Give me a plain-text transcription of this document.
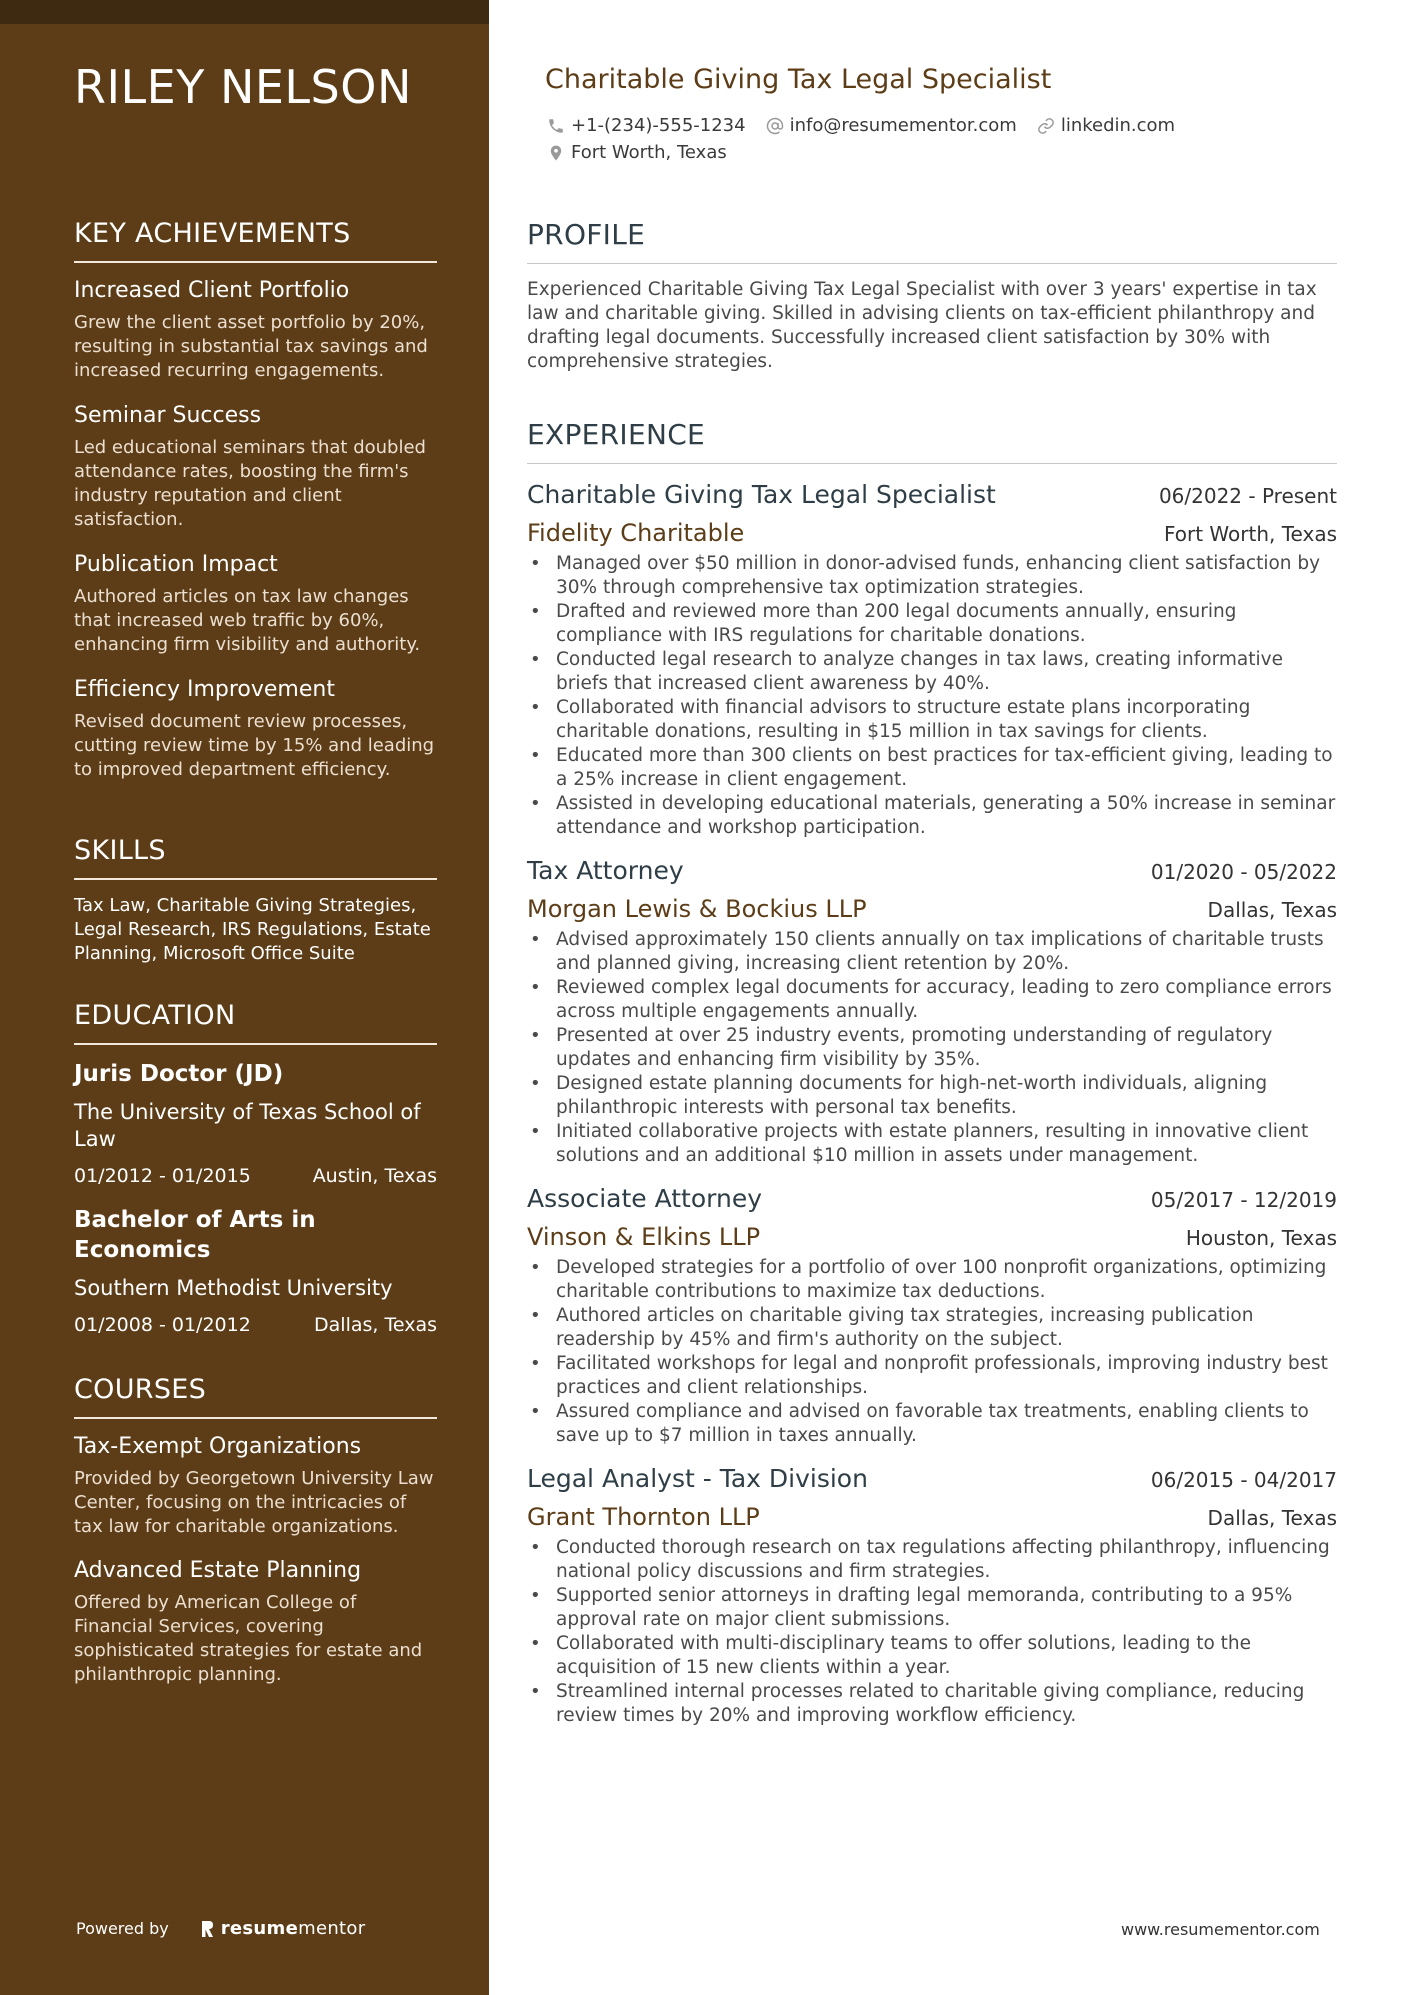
RILEY NELSON
KEY ACHIEVEMENTS
Increased Client Portfolio
Grew the client asset portfolio by 20%, resulting in substantial tax savings and increased recurring engagements.
Seminar Success
Led educational seminars that doubled attendance rates, boosting the firm's industry reputation and client satisfaction.
Publication Impact
Authored articles on tax law changes that increased web traffic by 60%, enhancing firm visibility and authority.
Efficiency Improvement
Revised document review processes, cutting review time by 15% and leading to improved department efficiency.
SKILLS
Tax Law, Charitable Giving Strategies, Legal Research, IRS Regulations, Estate Planning, Microsoft Office Suite
EDUCATION
Juris Doctor (JD)
The University of Texas School of Law
01/2012 - 01/2015	Austin, Texas
Bachelor of Arts in Economics
Southern Methodist University
01/2008 - 01/2012	Dallas, Texas
COURSES
Tax-Exempt Organizations
Provided by Georgetown University Law Center, focusing on the intricacies of tax law for charitable organizations.
Advanced Estate Planning
Offered by American College of Financial Services, covering sophisticated strategies for estate and philanthropic planning.
Powered by	resume mentor
Charitable Giving Tax Legal Specialist
+1-(234)-555-1234 info@resumementor.com linkedin.com
Fort Worth, Texas
PROFILE
Experienced Charitable Giving Tax Legal Specialist with over 3 years' expertise in tax law and charitable giving. Skilled in advising clients on tax-efficient philanthropy and drafting legal documents. Successfully increased client satisfaction by 30% with comprehensive strategies.
EXPERIENCE
Charitable Giving Tax Legal Specialist	06/2022 - Present
Fidelity Charitable	Fort Worth, Texas
• Managed over $50 million in donor-advised funds, enhancing client satisfaction by 30% through comprehensive tax optimization strategies.
• Drafted and reviewed more than 200 legal documents annually, ensuring compliance with IRS regulations for charitable donations.
• Conducted legal research to analyze changes in tax laws, creating informative briefs that increased client awareness by 40%.
• Collaborated with financial advisors to structure estate plans incorporating charitable donations, resulting in $15 million in tax savings for clients.
• Educated more than 300 clients on best practices for tax-efficient giving, leading to a 25% increase in client engagement.
• Assisted in developing educational materials, generating a 50% increase in seminar attendance and workshop participation.
Tax Attorney	01/2020 - 05/2022
Morgan Lewis & Bockius LLP	Dallas, Texas
• Advised approximately 150 clients annually on tax implications of charitable trusts and planned giving, increasing client retention by 20%.
• Reviewed complex legal documents for accuracy, leading to zero compliance errors across multiple engagements annually.
• Presented at over 25 industry events, promoting understanding of regulatory updates and enhancing firm visibility by 35%.
• Designed estate planning documents for high-net-worth individuals, aligning philanthropic interests with personal tax benefits.
• Initiated collaborative projects with estate planners, resulting in innovative client solutions and an additional $10 million in assets under management.
Associate Attorney	05/2017 - 12/2019
Vinson & Elkins LLP	Houston, Texas
• Developed strategies for a portfolio of over 100 nonprofit organizations, optimizing charitable contributions to maximize tax deductions.
• Authored articles on charitable giving tax strategies, increasing publication readership by 45% and firm's authority on the subject.
• Facilitated workshops for legal and nonprofit professionals, improving industry best practices and client relationships.
• Assured compliance and advised on favorable tax treatments, enabling clients to save up to $7 million in taxes annually.
Legal Analyst - Tax Division	06/2015 - 04/2017
Grant Thornton LLP	Dallas, Texas
• Conducted thorough research on tax regulations affecting philanthropy, influencing national policy discussions and firm strategies.
• Supported senior attorneys in drafting legal memoranda, contributing to a 95% approval rate on major client submissions.
• Collaborated with multi-disciplinary teams to offer solutions, leading to the acquisition of 15 new clients within a year.
• Streamlined internal processes related to charitable giving compliance, reducing review times by 20% and improving workflow efficiency.
www.resumementor.com
